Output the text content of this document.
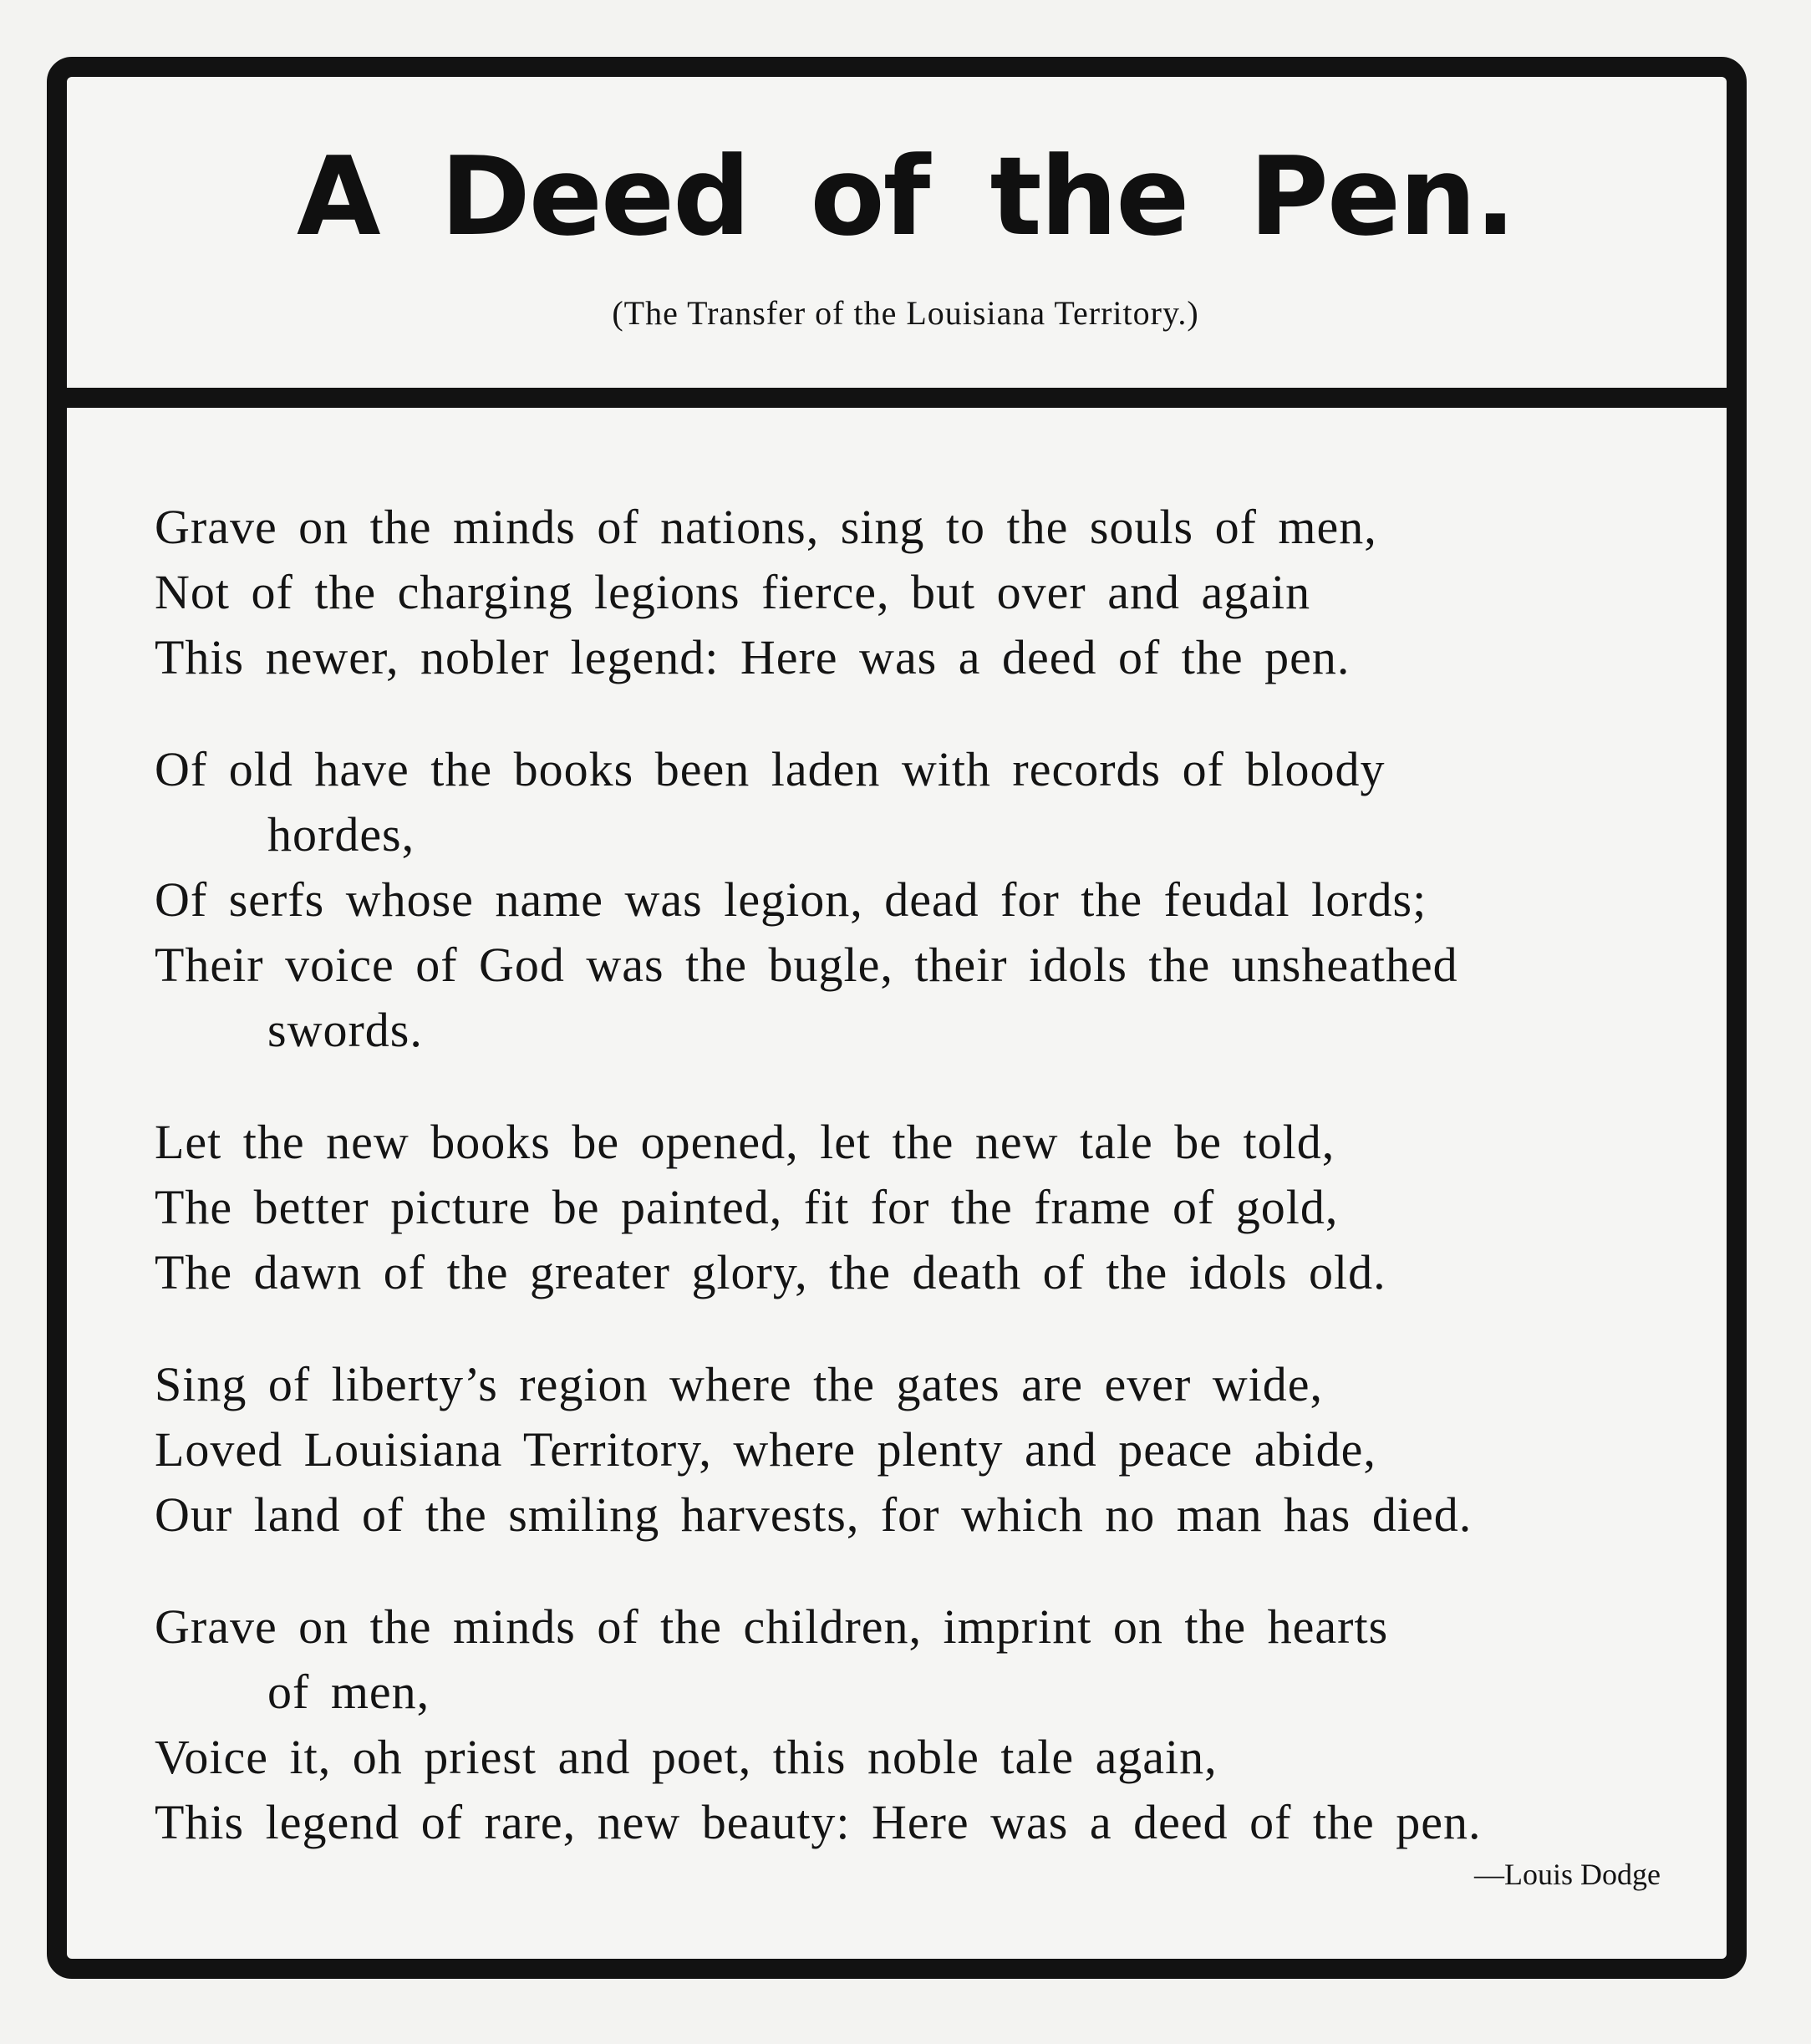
A Deed of the Pen.
(The Transfer of the Louisiana Territory.)
Grave on the minds of nations, sing to the souls of men,
Not of the charging legions fierce, but over and again
This newer, nobler legend: Here was a deed of the pen.
Of old have the books been laden with records of bloody
hordes,
Of serfs whose name was legion, dead for the feudal lords;
Their voice of God was the bugle, their idols the unsheathed
swords.
Let the new books be opened, let the new tale be told,
The better picture be painted, fit for the frame of gold,
The dawn of the greater glory, the death of the idols old.
Sing of liberty’s region where the gates are ever wide,
Loved Louisiana Territory, where plenty and peace abide,
Our land of the smiling harvests, for which no man has died.
Grave on the minds of the children, imprint on the hearts
of men,
Voice it, oh priest and poet, this noble tale again,
This legend of rare, new beauty: Here was a deed of the pen.
—Louis Dodge
